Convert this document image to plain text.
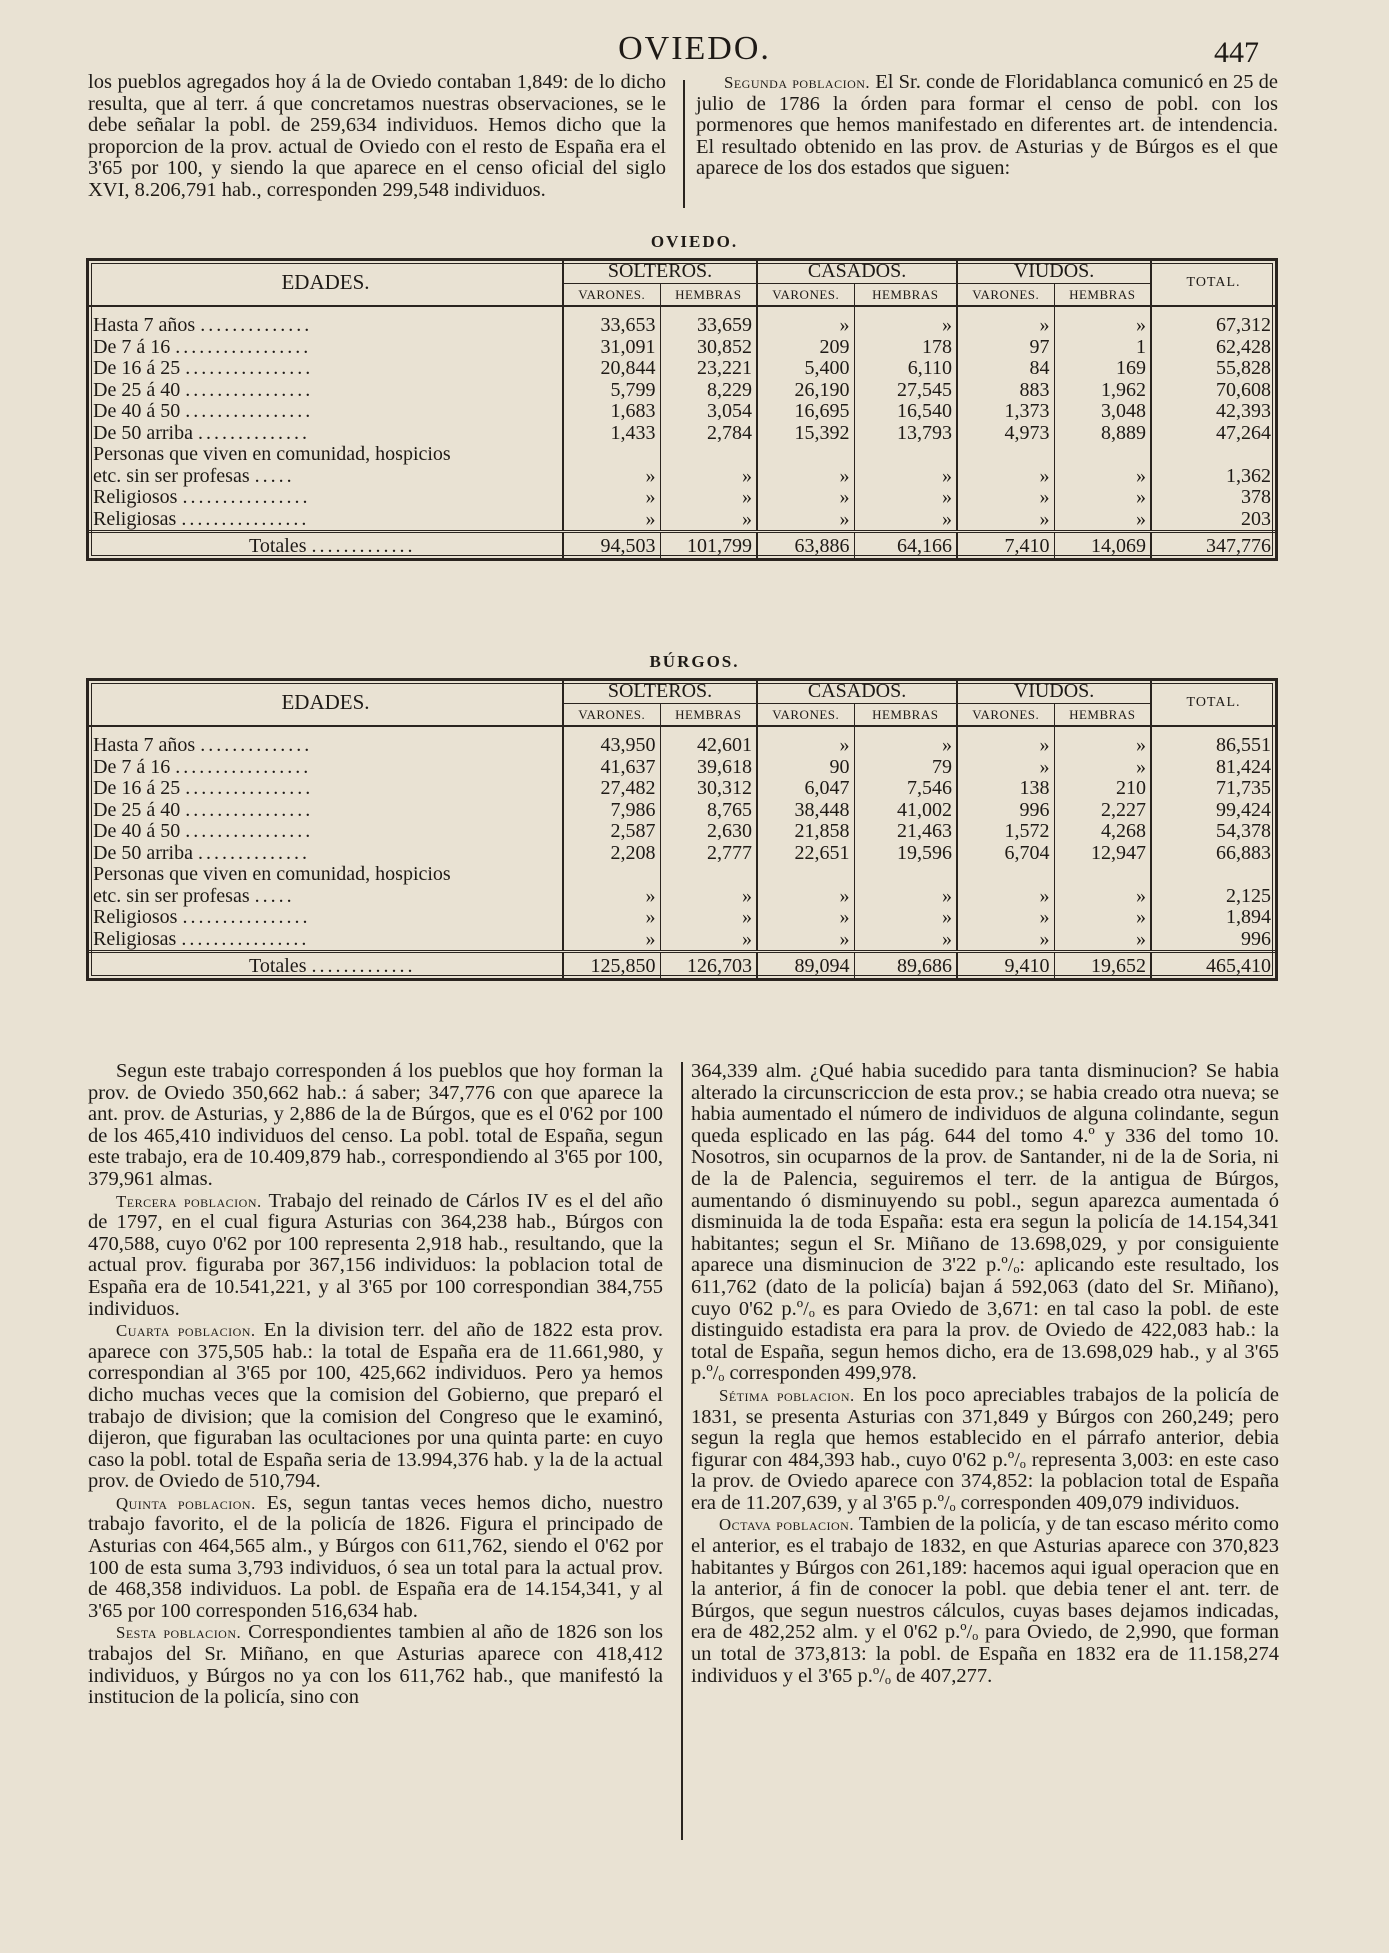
OVIEDO.	447

los pueblos agregados hoy á la de Oviedo contaban 1,849: de lo dicho resulta, que al terr. á que concretamos nuestras observaciones, se le debe señalar la pobl. de 259,634 individuos. Hemos dicho que la proporcion de la prov. actual de Oviedo con el resto de España era el 3'65 por 100, y siendo la que aparece en el censo oficial del siglo XVI, 8.206,791 hab., corresponden 299,548 individuos.

Segunda poblacion. El Sr. conde de Floridablanca comunicó en 25 de julio de 1786 la órden para formar el censo de pobl. con los pormenores que hemos manifestado en diferentes art. de intendencia. El resultado obtenido en las prov. de Asturias y de Búrgos es el que aparece de los dos estados que siguen:

OVIEDO.
EDADES.	SOLTEROS.		CASADOS.		VIUDOS.		TOTAL.
	VARONES.	HEMBRAS	VARONES.	HEMBRAS	VARONES.	HEMBRAS	
Hasta 7 años ..............	33,653	33,659	»	»	»	»	67,312
De 7 á 16 .................	31,091	30,852	209	178	97	1	62,428
De 16 á 25 ................	20,844	23,221	5,400	6,110	84	169	55,828
De 25 á 40 ................	5,799	8,229	26,190	27,545	883	1,962	70,608
De 40 á 50 ................	1,683	3,054	16,695	16,540	1,373	3,048	42,393
De 50 arriba ..............	1,433	2,784	15,392	13,793	4,973	8,889	47,264
Personas que viven en comunidad, hospicios							
etc. sin ser profesas .....	»	»	»	»	»	»	1,362
Religiosos ................	»	»	»	»	»	»	378
Religiosas ................	»	»	»	»	»	»	203
Totales .............	94,503	101,799	63,886	64,166	7,410	14,069	347,776
BÚRGOS.
EDADES.	SOLTEROS.		CASADOS.		VIUDOS.		TOTAL.
	VARONES.	HEMBRAS	VARONES.	HEMBRAS	VARONES.	HEMBRAS	
Hasta 7 años ..............	43,950	42,601	»	»	»	»	86,551
De 7 á 16 .................	41,637	39,618	90	79	»	»	81,424
De 16 á 25 ................	27,482	30,312	6,047	7,546	138	210	71,735
De 25 á 40 ................	7,986	8,765	38,448	41,002	996	2,227	99,424
De 40 á 50 ................	2,587	2,630	21,858	21,463	1,572	4,268	54,378
De 50 arriba ..............	2,208	2,777	22,651	19,596	6,704	12,947	66,883
Personas que viven en comunidad, hospicios							
etc. sin ser profesas .....	»	»	»	»	»	»	2,125
Religiosos ................	»	»	»	»	»	»	1,894
Religiosas ................	»	»	»	»	»	»	996
Totales .............	125,850	126,703	89,094	89,686	9,410	19,652	465,410

Segun este trabajo corresponden á los pueblos que hoy forman la prov. de Oviedo 350,662 hab.: á saber; 347,776 con que aparece la ant. prov. de Asturias, y 2,886 de la de Búrgos, que es el 0'62 por 100 de los 465,410 individuos del censo. La pobl. total de España, segun este trabajo, era de 10.409,879 hab., correspondiendo al 3'65 por 100, 379,961 almas.

Tercera poblacion. Trabajo del reinado de Cárlos IV es el del año de 1797, en el cual figura Asturias con 364,238 hab., Búrgos con 470,588, cuyo 0'62 por 100 representa 2,918 hab., resultando, que la actual prov. figuraba por 367,156 individuos: la poblacion total de España era de 10.541,221, y al 3'65 por 100 correspondian 384,755 individuos.

Cuarta poblacion. En la division terr. del año de 1822 esta prov. aparece con 375,505 hab.: la total de España era de 11.661,980, y correspondian al 3'65 por 100, 425,662 individuos. Pero ya hemos dicho muchas veces que la comision del Gobierno, que preparó el trabajo de division; que la comision del Congreso que le examinó, dijeron, que figuraban las ocultaciones por una quinta parte: en cuyo caso la pobl. total de España seria de 13.994,376 hab. y la de la actual prov. de Oviedo de 510,794.

Quinta poblacion. Es, segun tantas veces hemos dicho, nuestro trabajo favorito, el de la policía de 1826. Figura el principado de Asturias con 464,565 alm., y Búrgos con 611,762, siendo el 0'62 por 100 de esta suma 3,793 individuos, ó sea un total para la actual prov. de 468,358 individuos. La pobl. de España era de 14.154,341, y al 3'65 por 100 corresponden 516,634 hab.

Sesta poblacion. Correspondientes tambien al año de 1826 son los trabajos del Sr. Miñano, en que Asturias aparece con 418,412 individuos, y Búrgos no ya con los 611,762 hab., que manifestó la institucion de la policía, sino con

364,339 alm. ¿Qué habia sucedido para tanta disminucion? Se habia alterado la circunscriccion de esta prov.; se habia creado otra nueva; se habia aumentado el número de individuos de alguna colindante, segun queda esplicado en las pág. 644 del tomo 4.º y 336 del tomo 10. Nosotros, sin ocuparnos de la prov. de Santander, ni de la de Soria, ni de la de Palencia, seguiremos el terr. de la antigua de Búrgos, aumentando ó disminuyendo su pobl., segun aparezca aumentada ó disminuida la de toda España: esta era segun la policía de 14.154,341 habitantes; segun el Sr. Miñano de 13.698,029, y por consiguiente aparece una disminucion de 3'22 p.º/ₒ: aplicando este resultado, los 611,762 (dato de la policía) bajan á 592,063 (dato del Sr. Miñano), cuyo 0'62 p.º/ₒ es para Oviedo de 3,671: en tal caso la pobl. de este distinguido estadista era para la prov. de Oviedo de 422,083 hab.: la total de España, segun hemos dicho, era de 13.698,029 hab., y al 3'65 p.º/ₒ corresponden 499,978.

Sétima poblacion. En los poco apreciables trabajos de la policía de 1831, se presenta Asturias con 371,849 y Búrgos con 260,249; pero segun la regla que hemos establecido en el párrafo anterior, debia figurar con 484,393 hab., cuyo 0'62 p.º/ₒ representa 3,003: en este caso la prov. de Oviedo aparece con 374,852: la poblacion total de España era de 11.207,639, y al 3'65 p.º/ₒ corresponden 409,079 individuos.

Octava poblacion. Tambien de la policía, y de tan escaso mérito como el anterior, es el trabajo de 1832, en que Asturias aparece con 370,823 habitantes y Búrgos con 261,189: hacemos aqui igual operacion que en la anterior, á fin de conocer la pobl. que debia tener el ant. terr. de Búrgos, que segun nuestros cálculos, cuyas bases dejamos indicadas, era de 482,252 alm. y el 0'62 p.º/ₒ para Oviedo, de 2,990, que forman un total de 373,813: la pobl. de España en 1832 era de 11.158,274 individuos y el 3'65 p.º/ₒ de 407,277.
